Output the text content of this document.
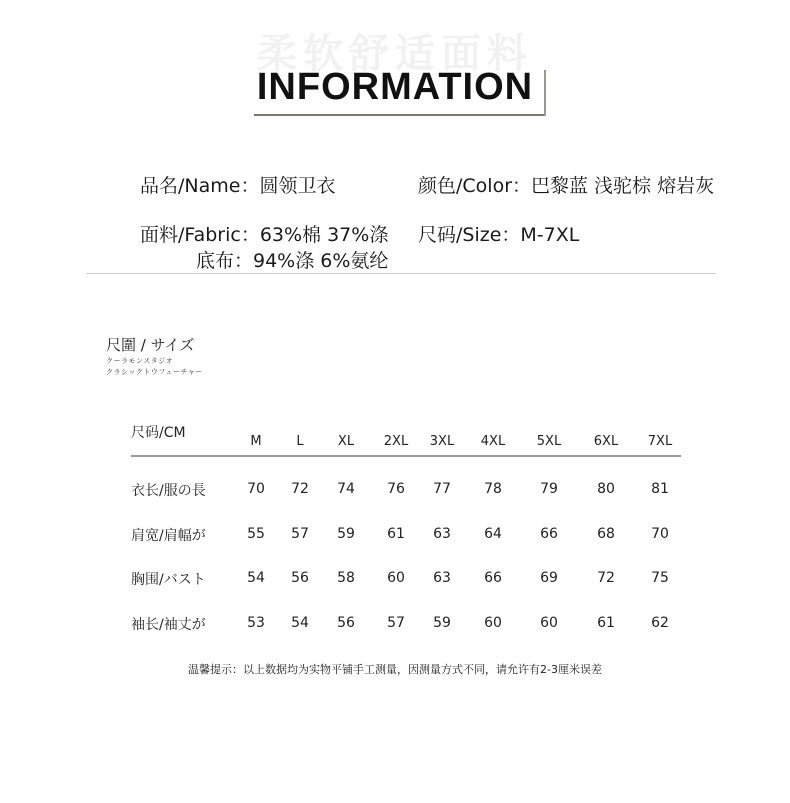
柔软舒适面料
INFORMATION
品名/Name：圆领卫衣	颜色/Color：巴黎蓝 浅驼棕 熔岩灰
面料/Fabric：63%棉 37%涤 尺码/Size：M-7XL
底布：94%涤 6%氨纶
尺圍 / サイズ
クーラモンスタジオ
クラシックトウフューチャー
尺码/CM
M	L	XL	2XL	3XL	4XL	5XL	6XL	7XL
衣长/服の長	70	72	74	76	77	78	79	80	81
肩宽/肩幅が	55	57	59	61	63	64	66	68	70
胸围/バスト	54	56	58	60	63	66	69	72	75
袖长/袖丈が	53	54	56	57	59	60	60	61	62
温馨提示：以上数据均为实物平铺手工测量，因测量方式不同，请允许有2-3厘米误差
